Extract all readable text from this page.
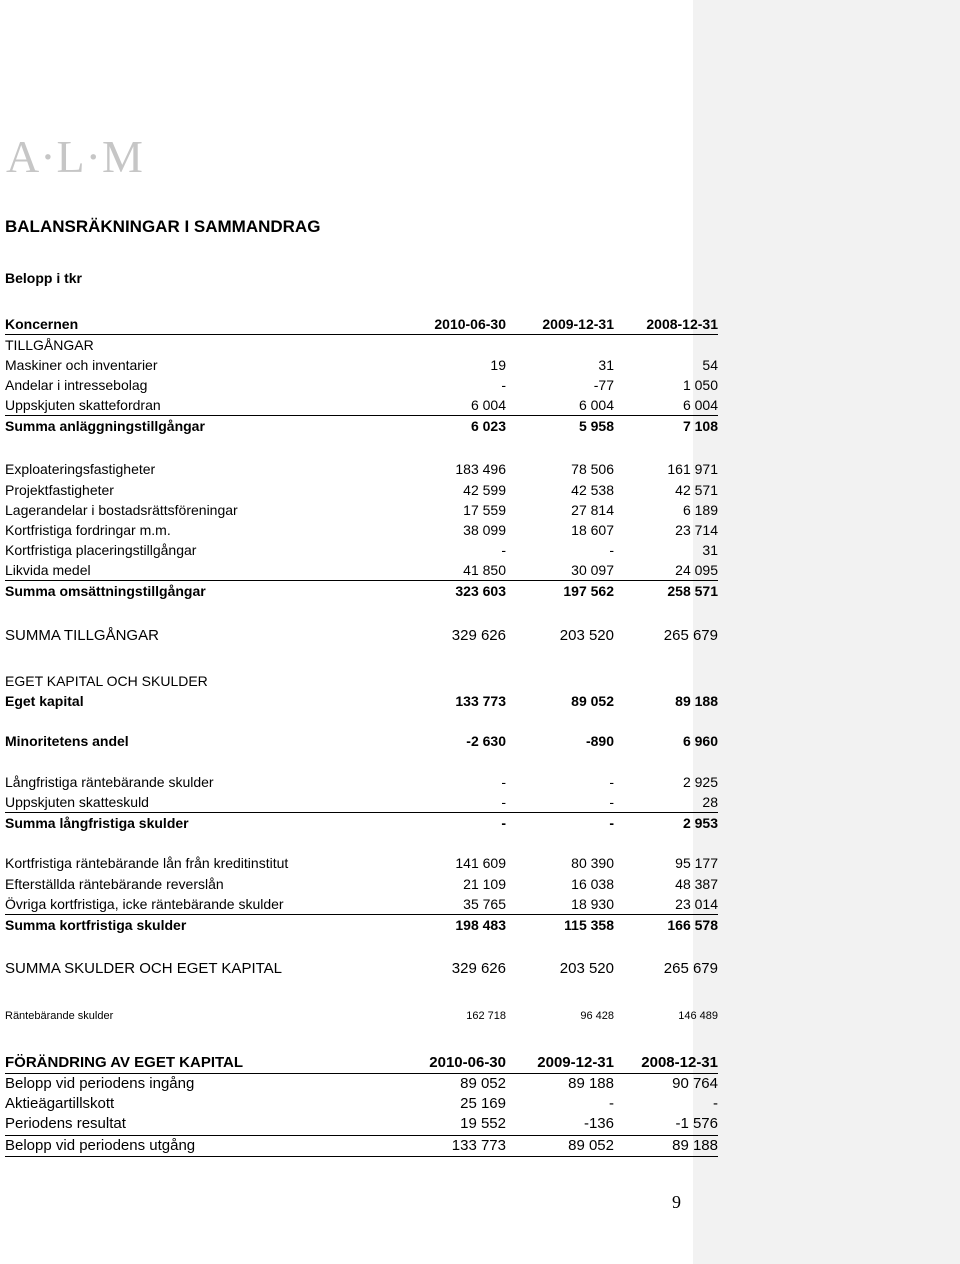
A·L·M
BALANSRÄKNINGAR I SAMMANDRAG
Belopp i tkr
Koncernen	2010-06-30	2009-12-31 2008-12-31
TILLGÅNGAR
Maskiner och inventarier	19	31	54
Andelar i intressebolag	-	-77	1 050
Uppskjuten skattefordran	6 004	6 004	6 004
Summa anläggningstillgångar	6 023	5 958	7 108
Exploateringsfastigheter	183 496	78 506	161 971
Projektfastigheter	42 599	42 538	42 571
Lagerandelar i bostadsrättsföreningar	17 559	27 814	6 189
Kortfristiga fordringar m.m.	38 099	18 607	23 714
Kortfristiga placeringstillgångar	-	-	31
Likvida medel	41 850	30 097	24 095
Summa omsättningstillgångar	323 603	197 562	258 571
SUMMA TILLGÅNGAR	329 626	203 520	265 679
EGET KAPITAL OCH SKULDER
Eget kapital	133 773	89 052	89 188
Minoritetens andel	-2 630	-890	6 960
Långfristiga räntebärande skulder	-	-	2 925
Uppskjuten skatteskuld	-	-	28
Summa långfristiga skulder	-	-	2 953
Kortfristiga räntebärande lån från kreditinstitut	141 609	80 390	95 177
Efterställda räntebärande reverslån	21 109	16 038	48 387
Övriga kortfristiga, icke räntebärande skulder	35 765	18 930	23 014
Summa kortfristiga skulder	198 483	115 358	166 578
SUMMA SKULDER OCH EGET KAPITAL	329 626	203 520	265 679
Räntebärande skulder	162 718	96 428	146 489
FÖRÄNDRING AV EGET KAPITAL	2010-06-30 2009-12-31 2008-12-31
Belopp vid periodens ingång	89 052	89 188	90 764
Aktieägartillskott	25 169	-	-
Periodens resultat	19 552	-136	-1 576
Belopp vid periodens utgång	133 773	89 052	89 188
9
